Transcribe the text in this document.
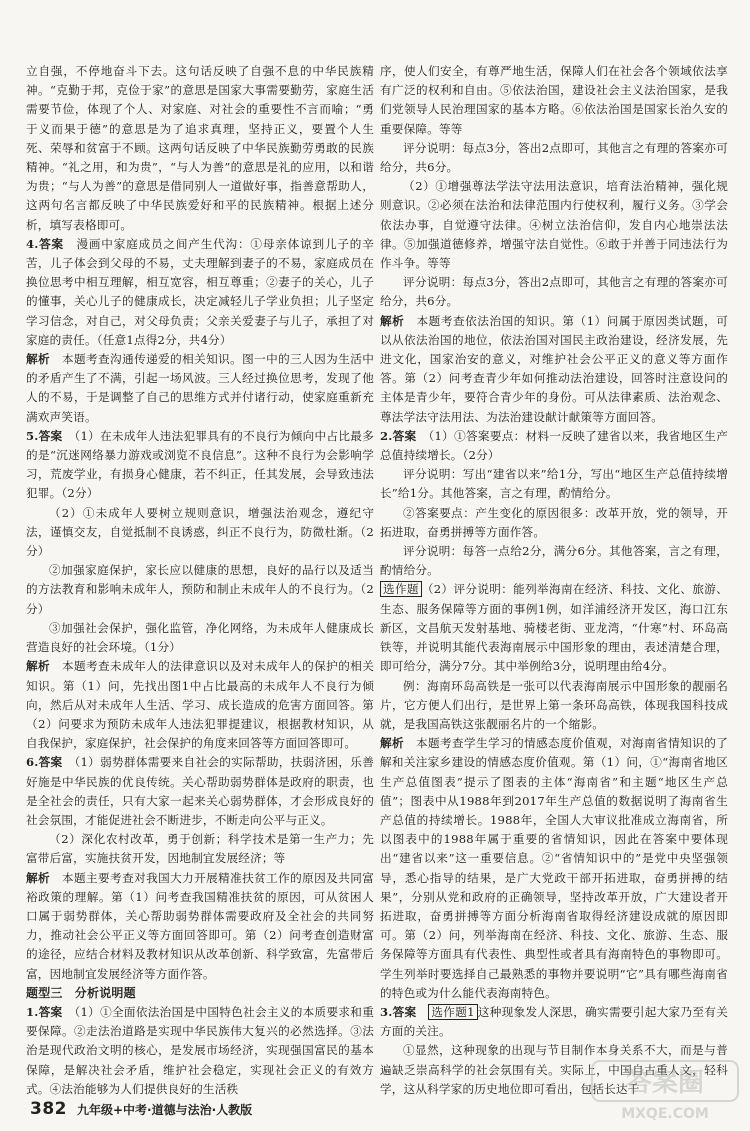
立自强，不停地奋斗下去。这句话反映了自强不息的中华民族精神。“克勤于邦，克俭于家”的意思是国家大事需要勤劳，家庭生活需要节俭，体现了个人、对家庭、对社会的重要性不言而喻；“勇于义而果于德”的意思是为了追求真理，坚持正义，要置个人生死、荣辱和贫富于不顾。这两句话反映了中华民族勤劳勇敢的民族精神。“礼之用，和为贵”，“与人为善”的意思是礼的应用，以和谐为贵；“与人为善”的意思是借同别人一道做好事，指善意帮助人，这两句名言都反映了中华民族爱好和平的民族精神。根据上述分析，填写表格即可。

4.答案　 漫画中家庭成员之间产生代沟：①母亲体谅到儿子的辛苦，儿子体会到父母的不易，丈夫理解到妻子的不易，家庭成员在换位思考中相互理解，相互宽容，相互尊重；②妻子的关心，儿子的懂事，关心儿子的健康成长，决定减轻儿子学业负担；儿子坚定学习信念，对自己，对父母负责；父亲关爱妻子与儿子，承担了对家庭的责任。（任意1点得2分，共4分）

解析　 本题考查沟通传递爱的相关知识。图一中的三人因为生活中的矛盾产生了不满，引起一场风波。三人经过换位思考，发现了他人的不易，于是调整了自己的思维方式并付诸行动，使家庭重新充满欢声笑语。

5.答案　 （1）在未成年人违法犯罪具有的不良行为倾向中占比最多的是“沉迷网络暴力游戏或浏览不良信息”。这种不良行为会影响学习，荒废学业，有损身心健康，若不纠正，任其发展，会导致违法犯罪。（2分）

（2）①未成年人要树立规则意识，增强法治观念，遵纪守法，谨慎交友，自觉抵制不良诱惑，纠正不良行为，防微杜渐。（2分）

②加强家庭保护，家长应以健康的思想，良好的品行以及适当的方法教育和影响未成年人，预防和制止未成年人的不良行为。（2分）

③加强社会保护，强化监管，净化网络，为未成年人健康成长营造良好的社会环境。（1分）

解析　 本题考查未成年人的法律意识以及对未成年人的保护的相关知识。第（1）问，先找出图1中占比最高的未成年人不良行为倾向，然后从对未成年人生活、学习、成长造成的危害方面回答。第（2）问要求为预防未成年人违法犯罪提建议，根据教材知识，从自我保护，家庭保护，社会保护的角度来回答等方面回答即可。

6.答案　 （1）弱势群体需要来自社会的实际帮助，扶弱济困，乐善好施是中华民族的优良传统。关心帮助弱势群体是政府的职责，也是全社会的责任，只有大家一起来关心弱势群体，才会形成良好的社会氛围，才能促进社会不断进步，不断走向公平与正义。

（2）深化农村改革，勇于创新；科学技术是第一生产力；先富带后富，实施扶贫开发，因地制宜发展经济；等

解析　 本题主要考查对我国大力开展精准扶贫工作的原因及共同富裕政策的理解。第（1）问考查我国精准扶贫的原因，可从贫困人口属于弱势群体，关心帮助弱势群体需要政府及全社会的共同努力，推动社会公平正义等方面回答即可。第（2）问考查创造财富的途径，应结合材料及教材知识从改革创新、科学致富，先富带后富，因地制宜发展经济等方面作答。

题型三　分析说明题

1.答案　 （1）①全面依法治国是中国特色社会主义的本质要求和重要保障。②走法治道路是实现中华民族伟大复兴的必然选择。③法治是现代政治文明的核心，是发展市场经济，实现强国富民的基本保障，是解决社会矛盾，维护社会稳定，实现社会正义的有效方式。④法治能够为人们提供良好的生活秩

序，使人们安全，有尊严地生活，保障人们在社会各个领域依法享有广泛的权利和自由。⑤依法治国，建设社会主义法治国家，是我们党领导人民治理国家的基本方略。⑥依法治国是国家长治久安的重要保障。等等

评分说明：每点3分，答出2点即可，其他言之有理的答案亦可给分，共6分。

（2）①增强尊法学法守法用法意识，培育法治精神，强化规则意识。②必须在法治和法律范围内行使权利，履行义务。③学会依法办事，自觉遵守法律。④树立法治信仰，发自内心地崇法法律。⑤加强道德修养，增强守法自觉性。⑥敢于并善于同违法行为作斗争。等等

评分说明：每点3分，答出2点即可，其他言之有理的答案亦可给分，共6分。

解析　 本题考查依法治国的知识。第（1）问属于原因类试题，可以从依法治国的地位，依法治国对国民主政治建设，经济发展，先进文化，国家治安的意义，对维护社会公平正义的意义等方面作答。第（2）问考查青少年如何推动法治建设，回答时注意设问的主体是青少年，要符合青少年的身份。可从法律素质、法治观念、尊法学法守法用法、为法治建设献计献策等方面回答。

2.答案　 （1）①答案要点：材料一反映了建省以来，我省地区生产总值持续增长。（2分）

评分说明：写出“建省以来”给1分，写出“地区生产总值持续增长”给1分。其他答案，言之有理，酌情给分。

②答案要点：产生变化的原因很多：改革开放，党的领导，开拓进取，奋勇拼搏等方面作答。

评分说明：每答一点给2分，满分6分。其他答案，言之有理，酌情给分。

选作题 （2）评分说明：能列举海南在经济、科技、文化、旅游、生态、服务保障等方面的事例1例，如洋浦经济开发区，海口江东新区，文昌航天发射基地、骑楼老街、亚龙湾，“什寒”村、环岛高铁等，并说明其能代表海南展示中国形象的理由，表述清楚合理，即可给分，满分7分。其中举例给3分，说明理由给4分。

例：海南环岛高铁是一张可以代表海南展示中国形象的靓丽名片，它方便人们出行，是世界上第一条环岛高铁，体现我国科技成就，是我国高铁这张靓丽名片的一个缩影。

解析　 本题考查学生学习的情感态度价值观，对海南省情知识的了解和关注家乡建设的情感态度价值观。第（1）问，①“海南省地区生产总值图表”提示了图表的主体“海南省”和主题“地区生产总值”；图表中从1988年到2017年生产总值的数据说明了海南省生产总值的持续增长。1988年，全国人大审议批准成立海南省，所以图表中的1988年属于重要的省情知识，因此在答案中要体现出“建省以来”这一重要信息。②“省情知识中的”是党中央坚强领导，悉心指导的结果，是广大党政干部开拓进取，奋勇拼搏的结果”，分别从党和政府的正确领导，坚持改革开放，广大建设者开拓进取，奋勇拼搏等方面分析海南省取得经济建设成就的原因即可。第（2）问，列举海南在经济、科技、文化、旅游、生态、服务保障等方面具有代表性、典型性或者具有海南特色的事物即可。学生列举时要选择自己最熟悉的事物并要说明“它”具有哪些海南省的特色或为什么能代表海南特色。

3.答案　 选作题1 这种现象发人深思，确实需要引起大家乃至有关方面的关注。

①显然，这种现象的出现与节目制作本身关系不大，而是与普遍缺乏崇高科学的社会氛围有关。实际上，中国自古重人文，轻科学，这从科学家的历史地位即可看出，包括长达千

382 九年级+中考·道德与法治·人教版
答案圈
MXQE.COM
